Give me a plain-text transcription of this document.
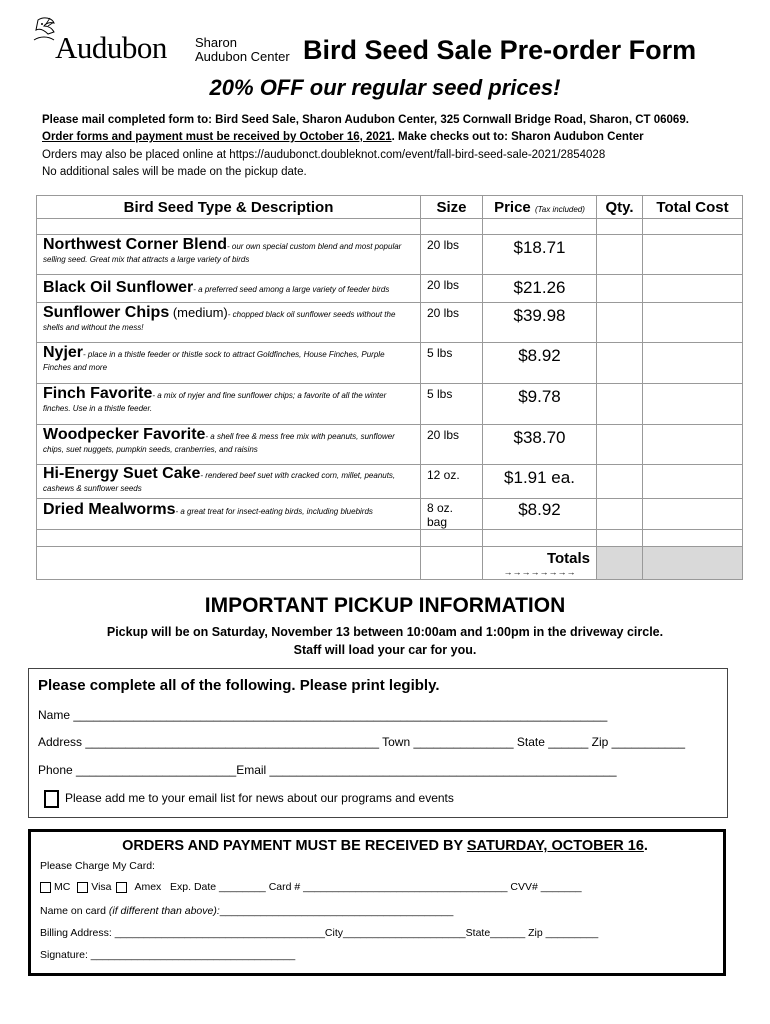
Audubon Sharon
Audubon Center Bird Seed Sale Pre-order Form
20% OFF our regular seed prices!
Please mail completed form to: Bird Seed Sale, Sharon Audubon Center, 325 Cornwall Bridge Road, Sharon, CT 06069.
Order forms and payment must be received by October 16, 2021. Make checks out to: Sharon Audubon Center
Orders may also be placed online at https://audubonct.doubleknot.com/event/fall-bird-seed-sale-2021/2854028
No additional sales will be made on the pickup date.
Bird Seed Type & Description	Size	Price (Tax included)	Qty.	Total Cost

Northwest Corner Blend- our own special custom blend and most popular selling seed. Great mix that attracts a large variety of birds	20 lbs	$18.71		
Black Oil Sunflower- a preferred seed among a large variety of feeder birds	20 lbs	$21.26		
Sunflower Chips (medium)- chopped black oil sunflower seeds without the shells and without the mess!	20 lbs	$39.98		
Nyjer- place in a thistle feeder or thistle sock to attract Goldfinches, House Finches, Purple Finches and more	5 lbs	$8.92		
Finch Favorite- a mix of nyjer and fine sunflower chips; a favorite of all the winter finches. Use in a thistle feeder.	5 lbs	$9.78		
Woodpecker Favorite- a shell free & mess free mix with peanuts, sunflower chips, suet nuggets, pumpkin seeds, cranberries, and raisins	20 lbs	$38.70		
Hi-Energy Suet Cake- rendered beef suet with cracked corn, millet, peanuts, cashews & sunflower seeds	12 oz.	$1.91 ea.		
Dried Mealworms- a great treat for insect-eating birds, including bluebirds	8 oz. bag	$8.92		

		Totals
→→→→→→→→		

IMPORTANT PICKUP INFORMATION
Pickup will be on Saturday, November 13 between 10:00am and 1:00pm in the driveway circle.
Staff will load your car for you.
Please complete all of the following. Please print legibly.
Name ________________________________________________________________________________
Address ____________________________________________ Town _______________ State ______ Zip ___________
Phone ________________________Email ____________________________________________________
Please add me to your email list for news about our programs and events
ORDERS AND PAYMENT MUST BE RECEIVED BY SATURDAY, OCTOBER 16.
Please Charge My Card:
MC Visa Amex   Exp. Date ________ Card # ___________________________________ CVV# _______
Name on card (if different than above):________________________________________
Billing Address: ____________________________________City_____________________State______ Zip _________
Signature: ___________________________________
